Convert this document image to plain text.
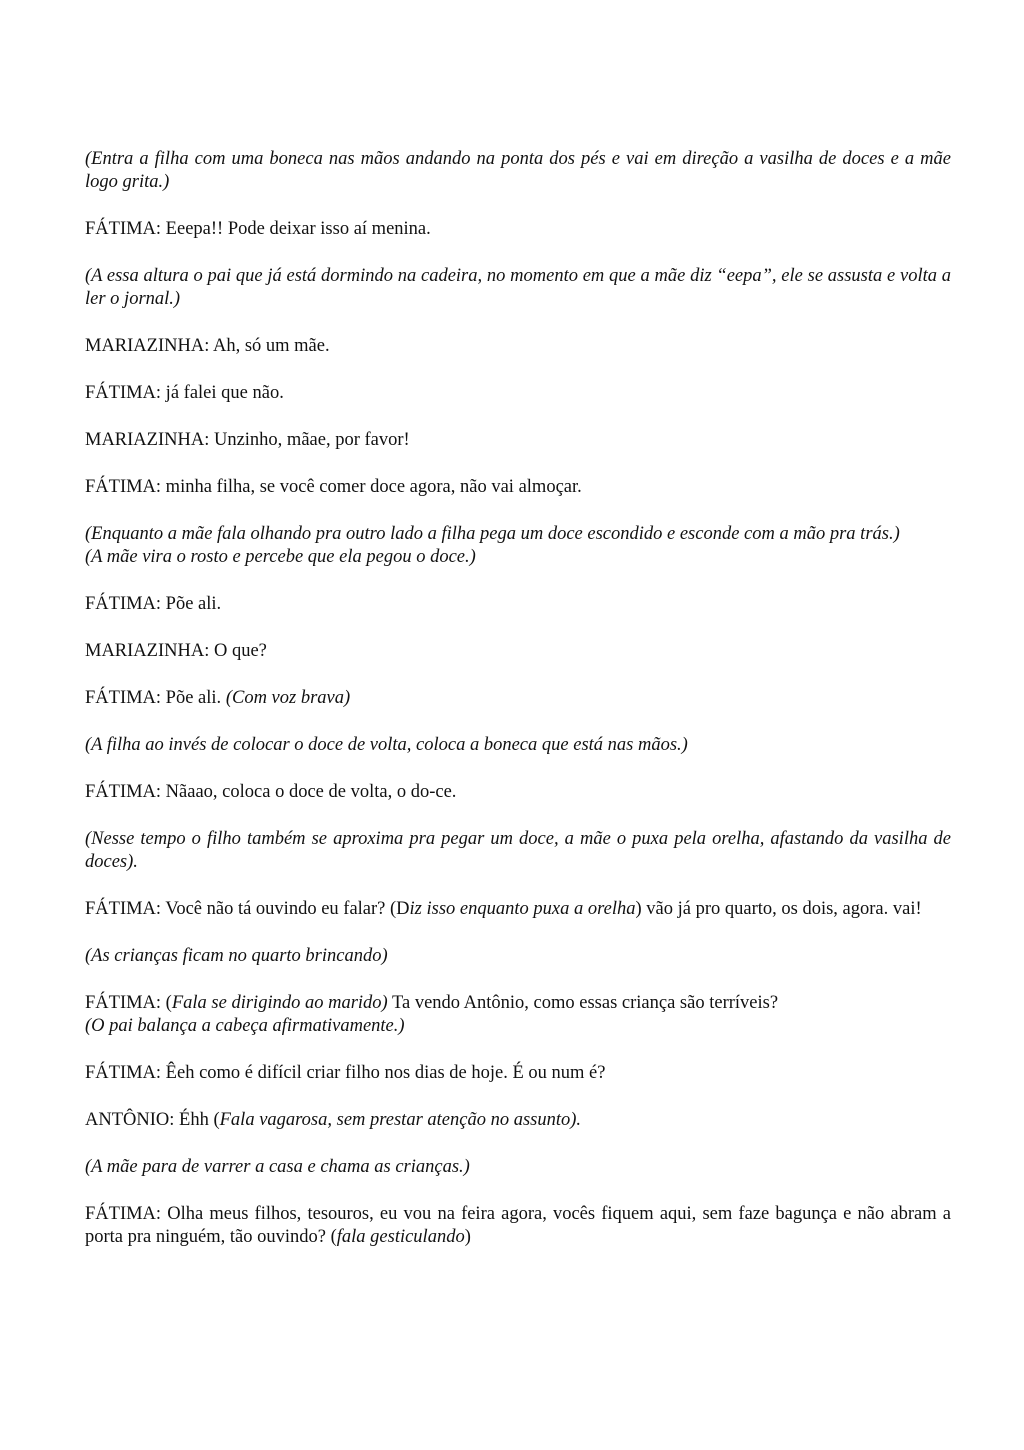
(Entra a filha com uma boneca nas mãos andando na ponta dos pés e vai em direção a vasilha de doces e a mãe logo grita.)

FÁTIMA: Eeepa!! Pode deixar isso aí menina.

(A essa altura o pai que já está dormindo na cadeira, no momento em que a mãe diz “eepa”, ele se assusta e volta a ler o jornal.)

MARIAZINHA: Ah, só um mãe.

FÁTIMA: já falei que não.

MARIAZINHA: Unzinho, mãae, por favor!

FÁTIMA: minha filha, se você comer doce agora, não vai almoçar.

(Enquanto a mãe fala olhando pra outro lado a filha pega um doce escondido e esconde com a mão pra trás.)
(A mãe vira o rosto e percebe que ela pegou o doce.)

FÁTIMA: Põe ali.

MARIAZINHA: O que?

FÁTIMA: Põe ali. (Com voz brava)

(A filha ao invés de colocar o doce de volta, coloca a boneca que está nas mãos.)

FÁTIMA: Nãaao, coloca o doce de volta, o do-ce.

(Nesse tempo o filho também se aproxima pra pegar um doce, a mãe o puxa pela orelha, afastando da vasilha de doces).

FÁTIMA: Você não tá ouvindo eu falar? (Diz isso enquanto puxa a orelha) vão já pro quarto, os dois, agora. vai!

(As crianças ficam no quarto brincando)

FÁTIMA: (Fala se dirigindo ao marido) Ta vendo Antônio, como essas criança são terríveis?
(O pai balança a cabeça afirmativamente.)

FÁTIMA: Êeh como é difícil criar filho nos dias de hoje. É ou num é?

ANTÔNIO: Éhh (Fala vagarosa, sem prestar atenção no assunto).

(A mãe para de varrer a casa e chama as crianças.)

FÁTIMA: Olha meus filhos, tesouros, eu vou na feira agora, vocês fiquem aqui, sem faze bagunça e não abram a porta pra ninguém, tão ouvindo? (fala gesticulando)
